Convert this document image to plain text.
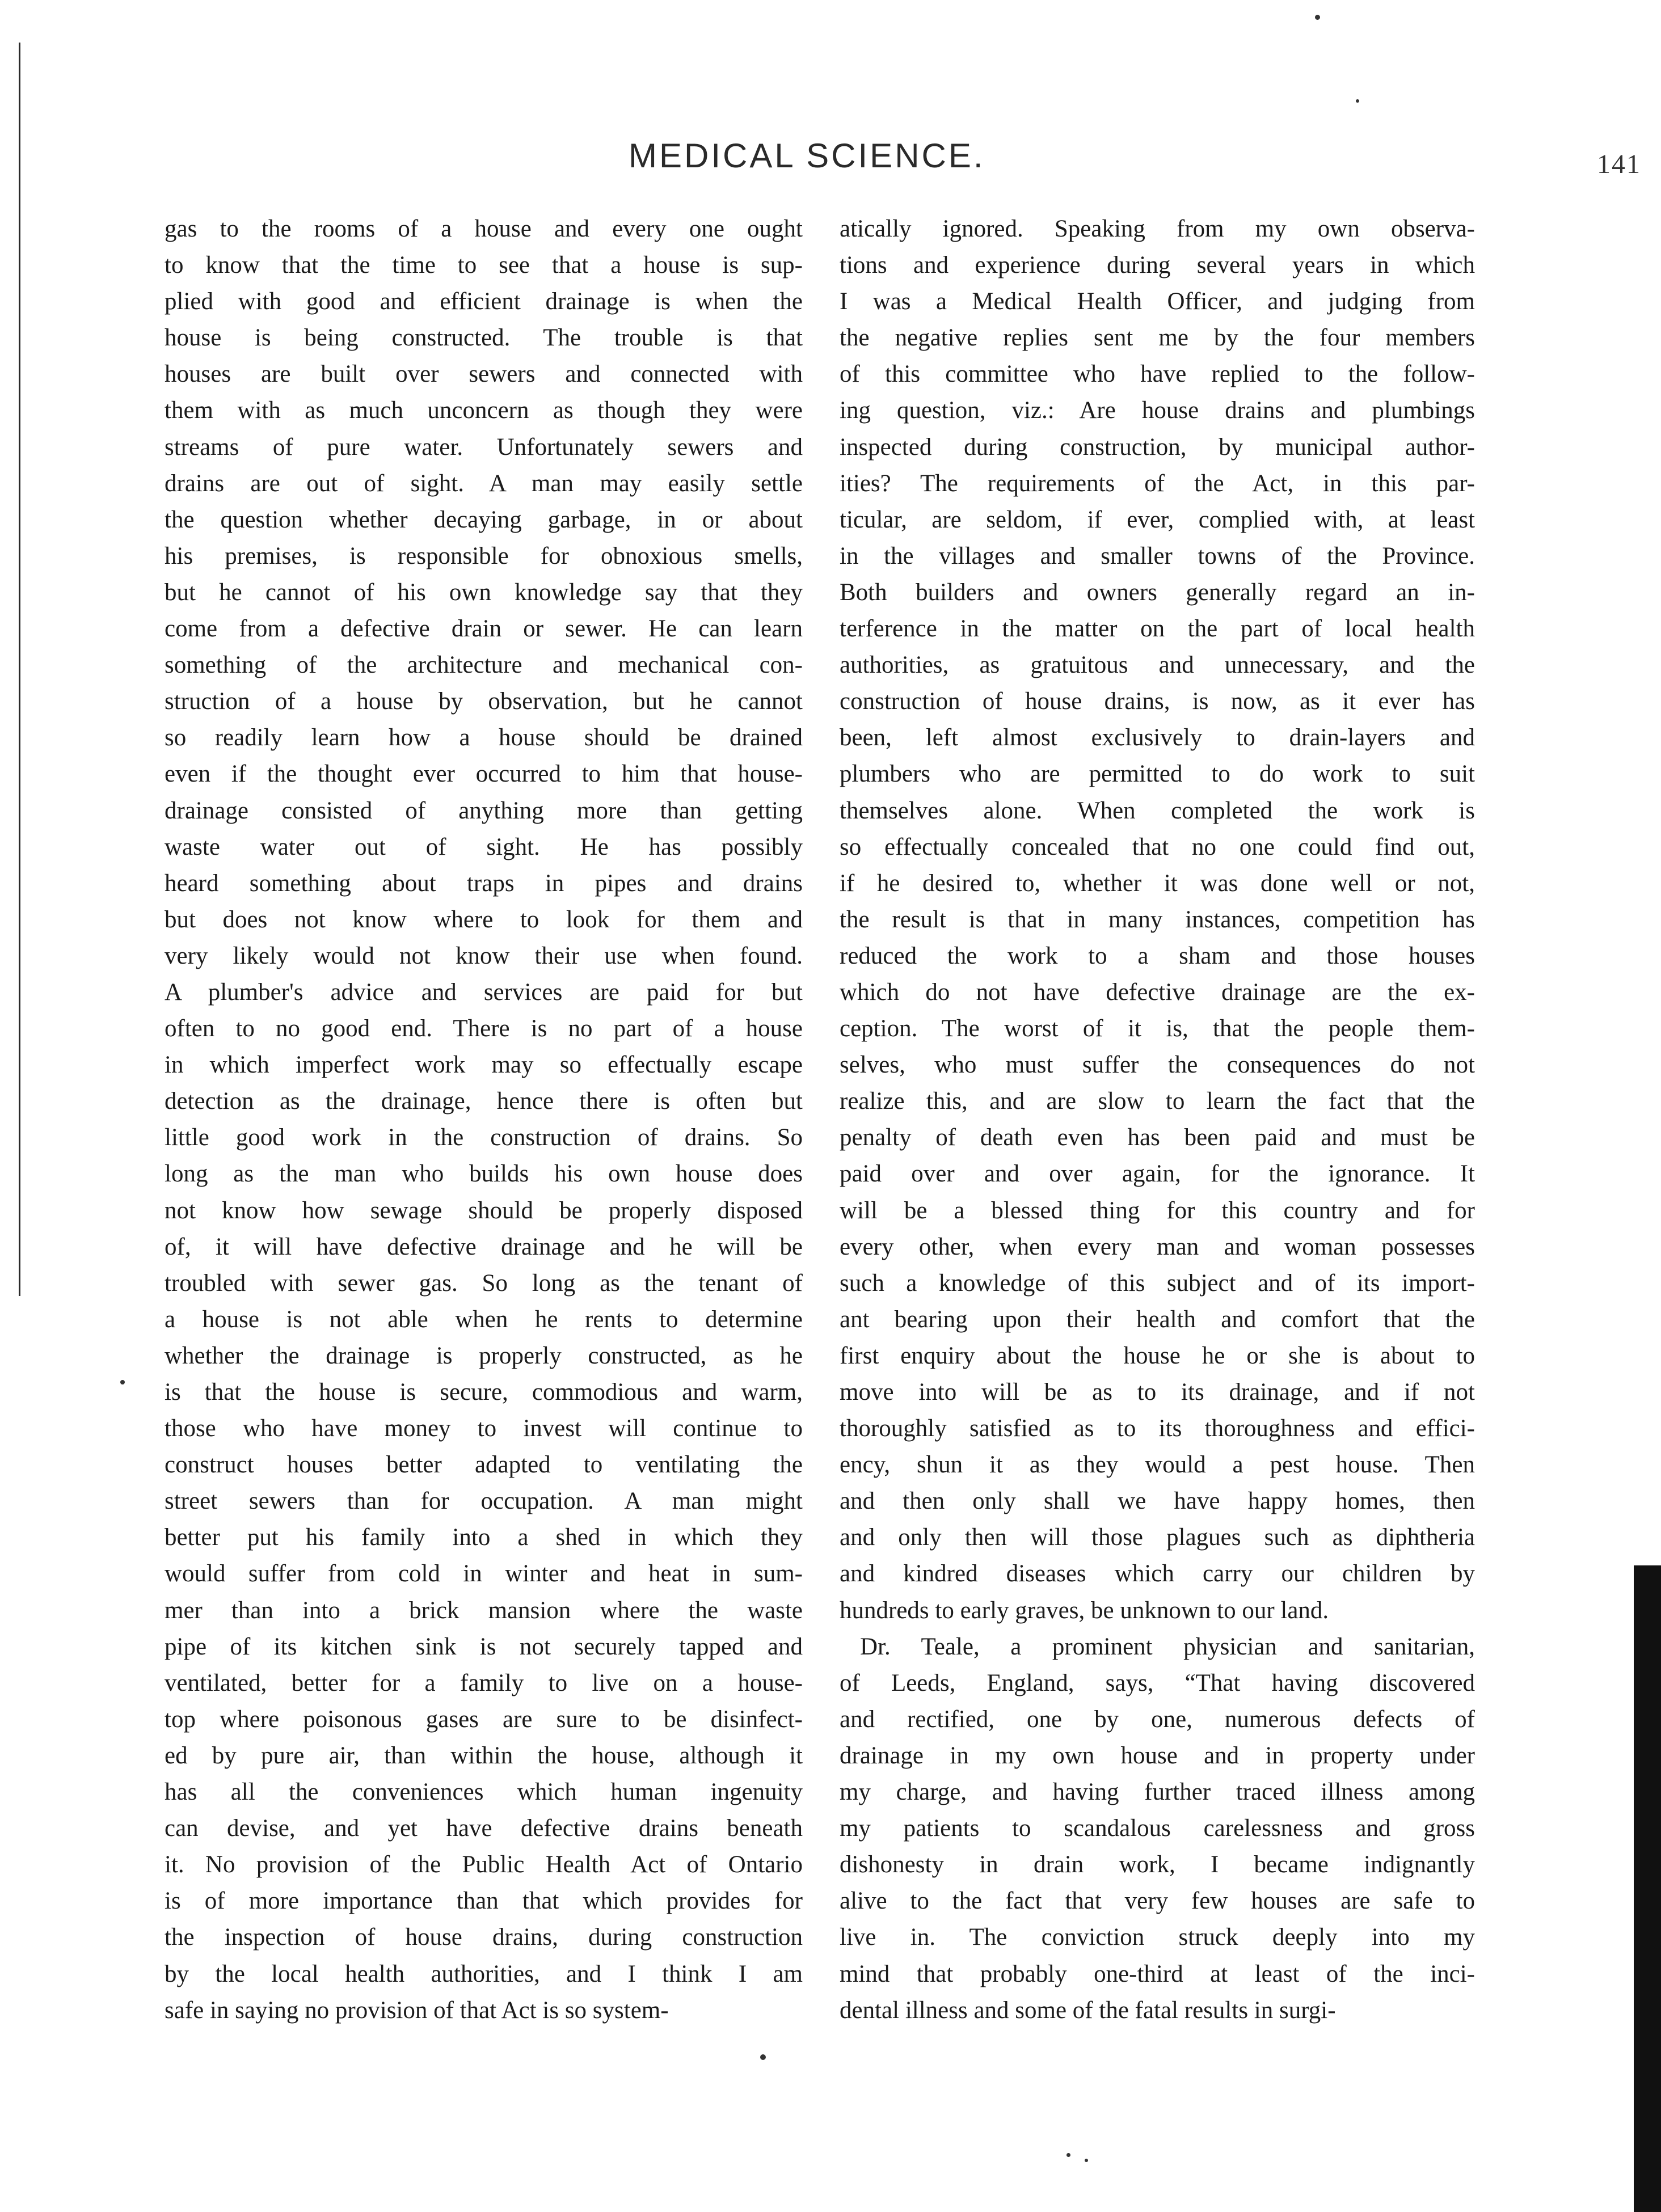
MEDICAL SCIENCE.	141
gas to the rooms of a house and every one ought
to know that the time to see that a house is sup-
plied with good and efficient drainage is when the
house is being constructed. The trouble is that
houses are built over sewers and connected with
them with as much unconcern as though they were
streams of pure water. Unfortunately sewers and
drains are out of sight. A man may easily settle
the question whether decaying garbage, in or about
his premises, is responsible for obnoxious smells,
but he cannot of his own knowledge say that they
come from a defective drain or sewer. He can learn
something of the architecture and mechanical con-
struction of a house by observation, but he cannot
so readily learn how a house should be drained
even if the thought ever occurred to him that house-
drainage consisted of anything more than getting
waste water out of sight. He has possibly
heard something about traps in pipes and drains
but does not know where to look for them and
very likely would not know their use when found.
A plumber's advice and services are paid for but
often to no good end. There is no part of a house
in which imperfect work may so effectually escape
detection as the drainage, hence there is often but
little good work in the construction of drains. So
long as the man who builds his own house does
not know how sewage should be properly disposed
of, it will have defective drainage and he will be
troubled with sewer gas. So long as the tenant of
a house is not able when he rents to determine
whether the drainage is properly constructed, as he
is that the house is secure, commodious and warm,
those who have money to invest will continue to
construct houses better adapted to ventilating the
street sewers than for occupation. A man might
better put his family into a shed in which they
would suffer from cold in winter and heat in sum-
mer than into a brick mansion where the waste
pipe of its kitchen sink is not securely tapped and
ventilated, better for a family to live on a house-
top where poisonous gases are sure to be disinfect-
ed by pure air, than within the house, although it
has all the conveniences which human ingenuity
can devise, and yet have defective drains beneath
it. No provision of the Public Health Act of Ontario
is of more importance than that which provides for
the inspection of house drains, during construction
by the local health authorities, and I think I am
safe in saying no provision of that Act is so system-
atically ignored. Speaking from my own observa-
tions and experience during several years in which
I was a Medical Health Officer, and judging from
the negative replies sent me by the four members
of this committee who have replied to the follow-
ing question, viz.: Are house drains and plumbings
inspected during construction, by municipal author-
ities? The requirements of the Act, in this par-
ticular, are seldom, if ever, complied with, at least
in the villages and smaller towns of the Province.
Both builders and owners generally regard an in-
terference in the matter on the part of local health
authorities, as gratuitous and unnecessary, and the
construction of house drains, is now, as it ever has
been, left almost exclusively to drain-layers and
plumbers who are permitted to do work to suit
themselves alone. When completed the work is
so effectually concealed that no one could find out,
if he desired to, whether it was done well or not,
the result is that in many instances, competition has
reduced the work to a sham and those houses
which do not have defective drainage are the ex-
ception. The worst of it is, that the people them-
selves, who must suffer the consequences do not
realize this, and are slow to learn the fact that the
penalty of death even has been paid and must be
paid over and over again, for the ignorance. It
will be a blessed thing for this country and for
every other, when every man and woman possesses
such a knowledge of this subject and of its import-
ant bearing upon their health and comfort that the
first enquiry about the house he or she is about to
move into will be as to its drainage, and if not
thoroughly satisfied as to its thoroughness and effici-
ency, shun it as they would a pest house. Then
and then only shall we have happy homes, then
and only then will those plagues such as diphtheria
and kindred diseases which carry our children by
hundreds to early graves, be unknown to our land.
Dr. Teale, a prominent physician and sanitarian,
of Leeds, England, says, “That having discovered
and rectified, one by one, numerous defects of
drainage in my own house and in property under
my charge, and having further traced illness among
my patients to scandalous carelessness and gross
dishonesty in drain work, I became indignantly
alive to the fact that very few houses are safe to
live in. The conviction struck deeply into my
mind that probably one-third at least of the inci-
dental illness and some of the fatal results in surgi-
